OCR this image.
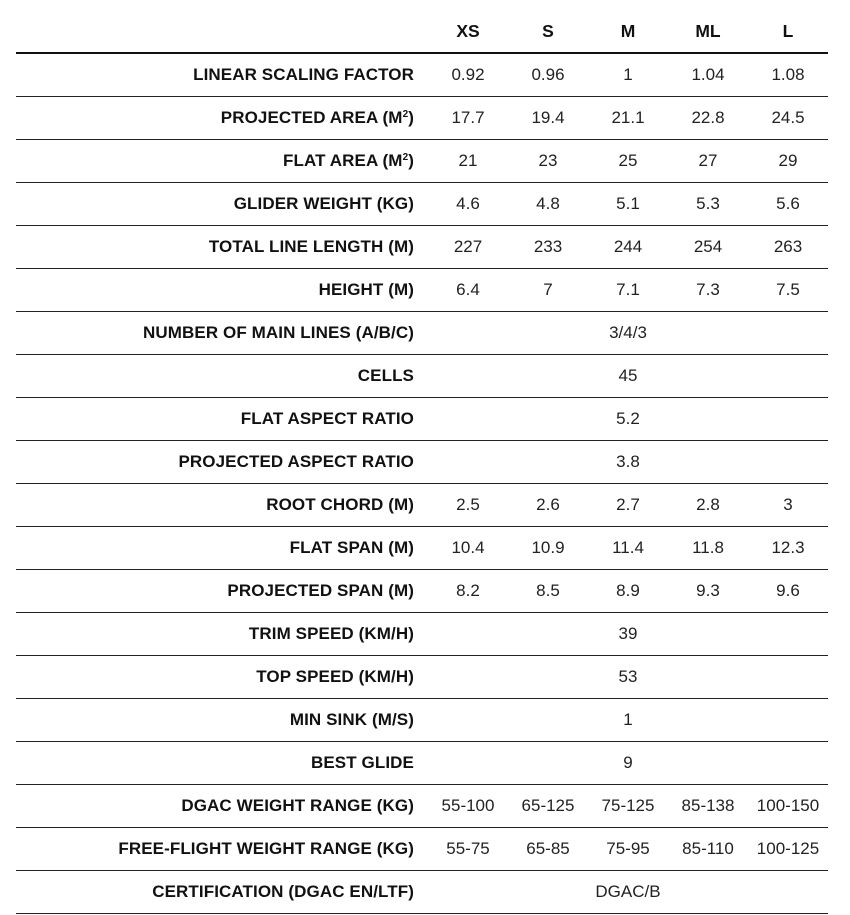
	XS	S	M	ML	L
LINEAR SCALING FACTOR	0.92	0.96	1	1.04	1.08
PROJECTED AREA $(M^2)$	17.7	19.4	21.1	22.8	24.5
FLAT AREA $(M^2)$	21	23	25	27	29
GLIDER WEIGHT (KG)	4.6	4.8	5.1	5.3	5.6
TOTAL LINE LENGTH (M)	227	233	244	254	263
HEIGHT (M)	6.4	7	7.1	7.3	7.5
NUMBER OF MAIN LINES (A/B/C)	3/4/3				
CELLS	45				
FLAT ASPECT RATIO	5.2				
PROJECTED ASPECT RATIO	3.8				
ROOT CHORD (M)	2.5	2.6	2.7	2.8	3
FLAT SPAN (M)	10.4	10.9	11.4	11.8	12.3
PROJECTED SPAN (M)	8.2	8.5	8.9	9.3	9.6
TRIM SPEED (KM/H)	39				
TOP SPEED (KM/H)	53				
MIN SINK (M/S)	1				
BEST GLIDE	9				
DGAC WEIGHT RANGE (KG)	55-100	65-125	75-125	85-138	100-150
FREE-FLIGHT WEIGHT RANGE (KG)	55-75	65-85	75-95	85-110	100-125
CERTIFICATION (DGAC EN/LTF)	DGAC/B				
